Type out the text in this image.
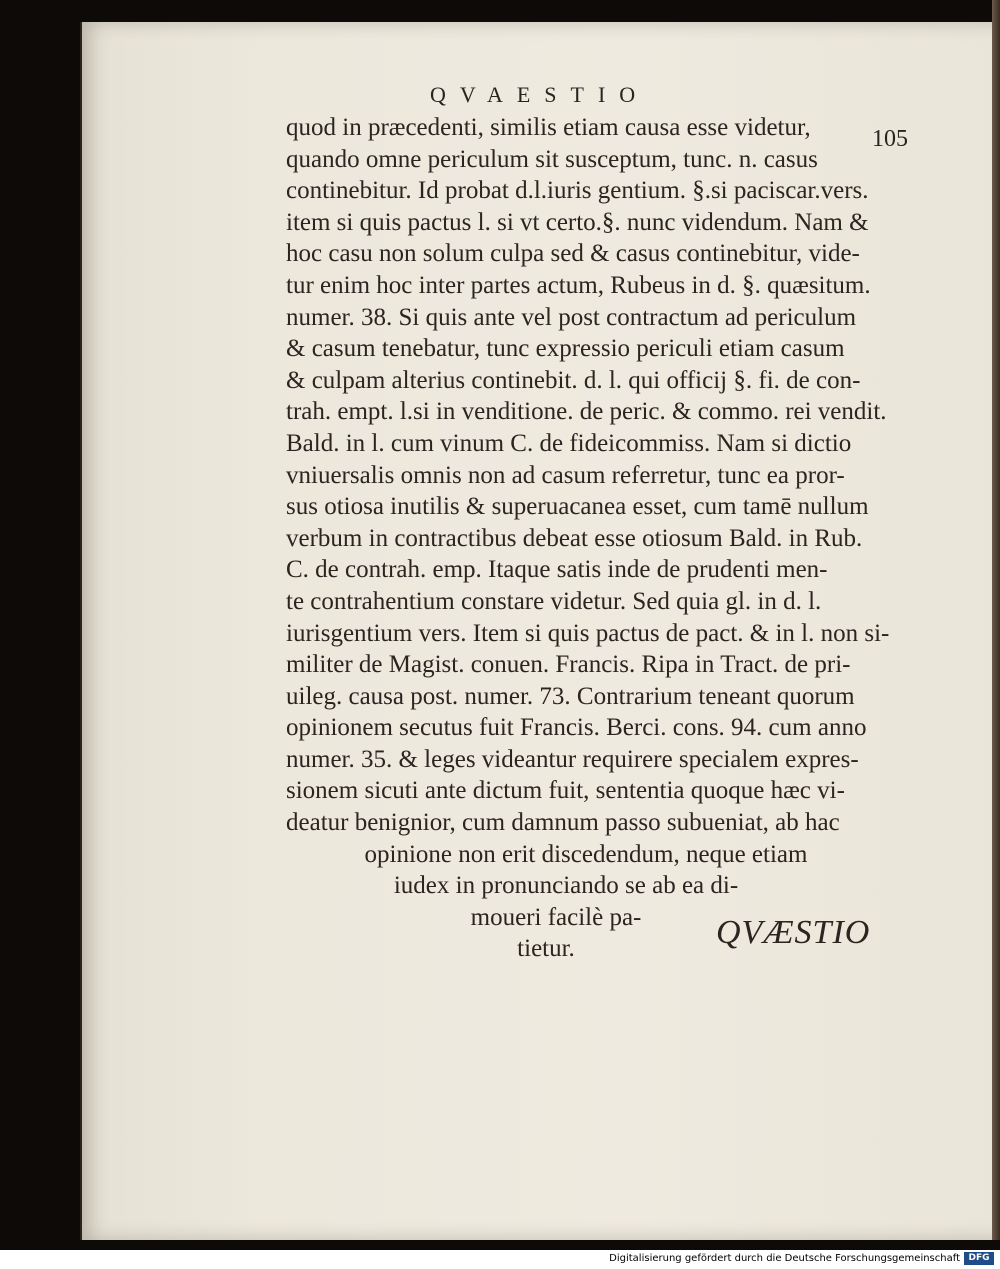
QVAESTIO
105
quod in præcedenti, similis etiam causa esse videtur,
quando omne periculum sit susceptum, tunc. n. casus
continebitur. Id probat d.l.iuris gentium. §.si paciscar.vers.
item si quis pactus l. si vt certo.§. nunc videndum. Nam &
hoc casu non solum culpa sed & casus continebitur, vide-
tur enim hoc inter partes actum, Rubeus in d. §. quæsitum.
numer. 38. Si quis ante vel post contractum ad periculum
& casum tenebatur, tunc expressio periculi etiam casum
& culpam alterius continebit. d. l. qui officij §. fi. de con-
trah. empt. l.si in venditione. de peric. & commo. rei vendit.
Bald. in l. cum vinum C. de fideicommiss. Nam si dictio
vniuersalis omnis non ad casum referretur, tunc ea pror-
sus otiosa inutilis & superuacanea esset, cum tamē nullum
verbum in contractibus debeat esse otiosum Bald. in Rub.
C. de contrah. emp. Itaque satis inde de prudenti men-
te contrahentium constare videtur. Sed quia gl. in d. l.
iurisgentium vers. Item si quis pactus de pact. & in l. non si-
militer de Magist. conuen. Francis. Ripa in Tract. de pri-
uileg. causa post. numer. 73. Contrarium teneant quorum
opinionem secutus fuit Francis. Berci. cons. 94. cum anno
numer. 35. & leges videantur requirere specialem expres-
sionem sicuti ante dictum fuit, sententia quoque hæc vi-
deatur benignior, cum damnum passo subueniat, ab hac
opinione non erit discedendum, neque etiam
iudex in pronunciando se ab ea di-
moueri facilè pa-
tietur.	QVÆSTIO
Digitalisierung gefördert durch die Deutsche Forschungsgemeinschaft DFG
